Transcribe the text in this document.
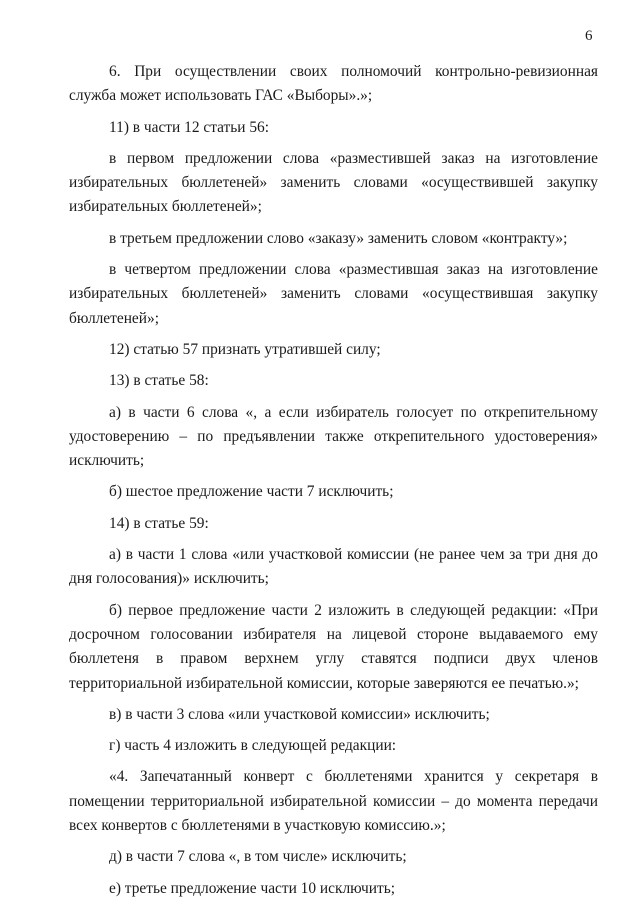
6

6. При осуществлении своих полномочий контрольно-ревизионная служба может использовать ГАС «Выборы».»;

11) в части 12 статьи 56:

в первом предложении слова «разместившей заказ на изготовление избирательных бюллетеней» заменить словами «осуществившей закупку избирательных бюллетеней»;

в третьем предложении слово «заказу» заменить словом «контракту»;

в четвертом предложении слова «разместившая заказ на изготовление избирательных бюллетеней» заменить словами «осуществившая закупку бюллетеней»;

12) статью 57 признать утратившей силу;

13) в статье 58:

а) в части 6 слова «, а если избиратель голосует по открепительному удостоверению – по предъявлении также открепительного удостоверения» исключить;

б) шестое предложение части 7 исключить;

14) в статье 59:

а) в части 1 слова «или участковой комиссии (не ранее чем за три дня до дня голосования)» исключить;

б) первое предложение части 2 изложить в следующей редакции: «При досрочном голосовании избирателя на лицевой стороне выдаваемого ему бюллетеня в правом верхнем углу ставятся подписи двух членов территориальной избирательной комиссии, которые заверяются ее печатью.»;

в) в части 3 слова «или участковой комиссии» исключить;

г) часть 4 изложить в следующей редакции:

«4. Запечатанный конверт с бюллетенями хранится у секретаря в помещении территориальной избирательной комиссии – до момента передачи всех конвертов с бюллетенями в участковую комиссию.»;

д) в части 7 слова «, в том числе» исключить;

е) третье предложение части 10 исключить;
